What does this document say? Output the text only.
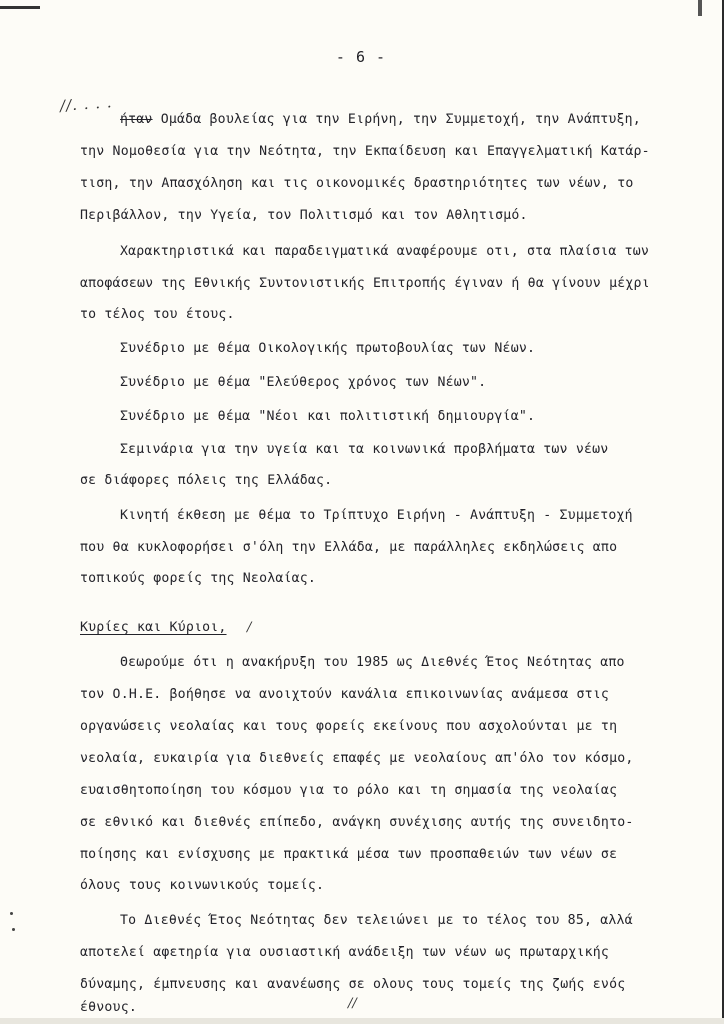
- 6 -
//. . . .
ήταν Ομάδα βουλείας για την Ειρήνη, την Συμμετοχή, την Ανάπτυξη,
την Νομοθεσία για την Νεότητα, την Εκπαίδευση και Επαγγελματική Κατάρ-
τιση, την Απασχόληση και τις οικονομικές δραστηριότητες των νέων, το
Περιβάλλον, την Υγεία, τον Πολιτισμό και τον Αθλητισμό.
Χαρακτηριστικά και παραδειγματικά αναφέρουμε οτι, στα πλαίσια των
αποφάσεων της Εθνικής Συντονιστικής Επιτροπής έγιναν ή θα γίνουν μέχρι
το τέλος του έτους.
Συνέδριο με θέμα Οικολογικής πρωτοβουλίας των Νέων.
Συνέδριο με θέμα "Ελεύθερος χρόνος των Νέων".
Συνέδριο με θέμα "Νέοι και πολιτιστική δημιουργία".
Σεμινάρια για την υγεία και τα κοινωνικά προβλήματα των νέων
σε διάφορες πόλεις της Ελλάδας.
Κινητή έκθεση με θέμα το Τρίπτυχο Ειρήνη - Ανάπτυξη - Συμμετοχή
που θα κυκλοφορήσει σ'όλη την Ελλάδα, με παράλληλες εκδηλώσεις απο
τοπικούς φορείς της Νεολαίας.
Κυρίες και Κύριοι, /
Θεωρούμε ότι η ανακήρυξη του 1985 ως Διεθνές Έτος Νεότητας απο
τον Ο.Η.Ε. βοήθησε να ανοιχτούν κανάλια επικοινωνίας ανάμεσα στις
οργανώσεις νεολαίας και τους φορείς εκείνους που ασχολούνται με τη
νεολαία, ευκαιρία για διεθνείς επαφές με νεολαίους απ'όλο τον κόσμο,
ευαισθητοποίηση του κόσμου για το ρόλο και τη σημασία της νεολαίας
σε εθνικό και διεθνές επίπεδο, ανάγκη συνέχισης αυτής της συνειδητο-
ποίησης και ενίσχυσης με πρακτικά μέσα των προσπαθειών των νέων σε
όλους τους κοινωνικούς τομείς.
Το Διεθνές Έτος Νεότητας δεν τελειώνει με το τέλος του 85, αλλά
αποτελεί αφετηρία για ουσιαστική ανάδειξη των νέων ως πρωταρχικής
δύναμης, έμπνευσης και ανανέωσης σε ολους τους τομείς της ζωής ενός
έθνους.	//
